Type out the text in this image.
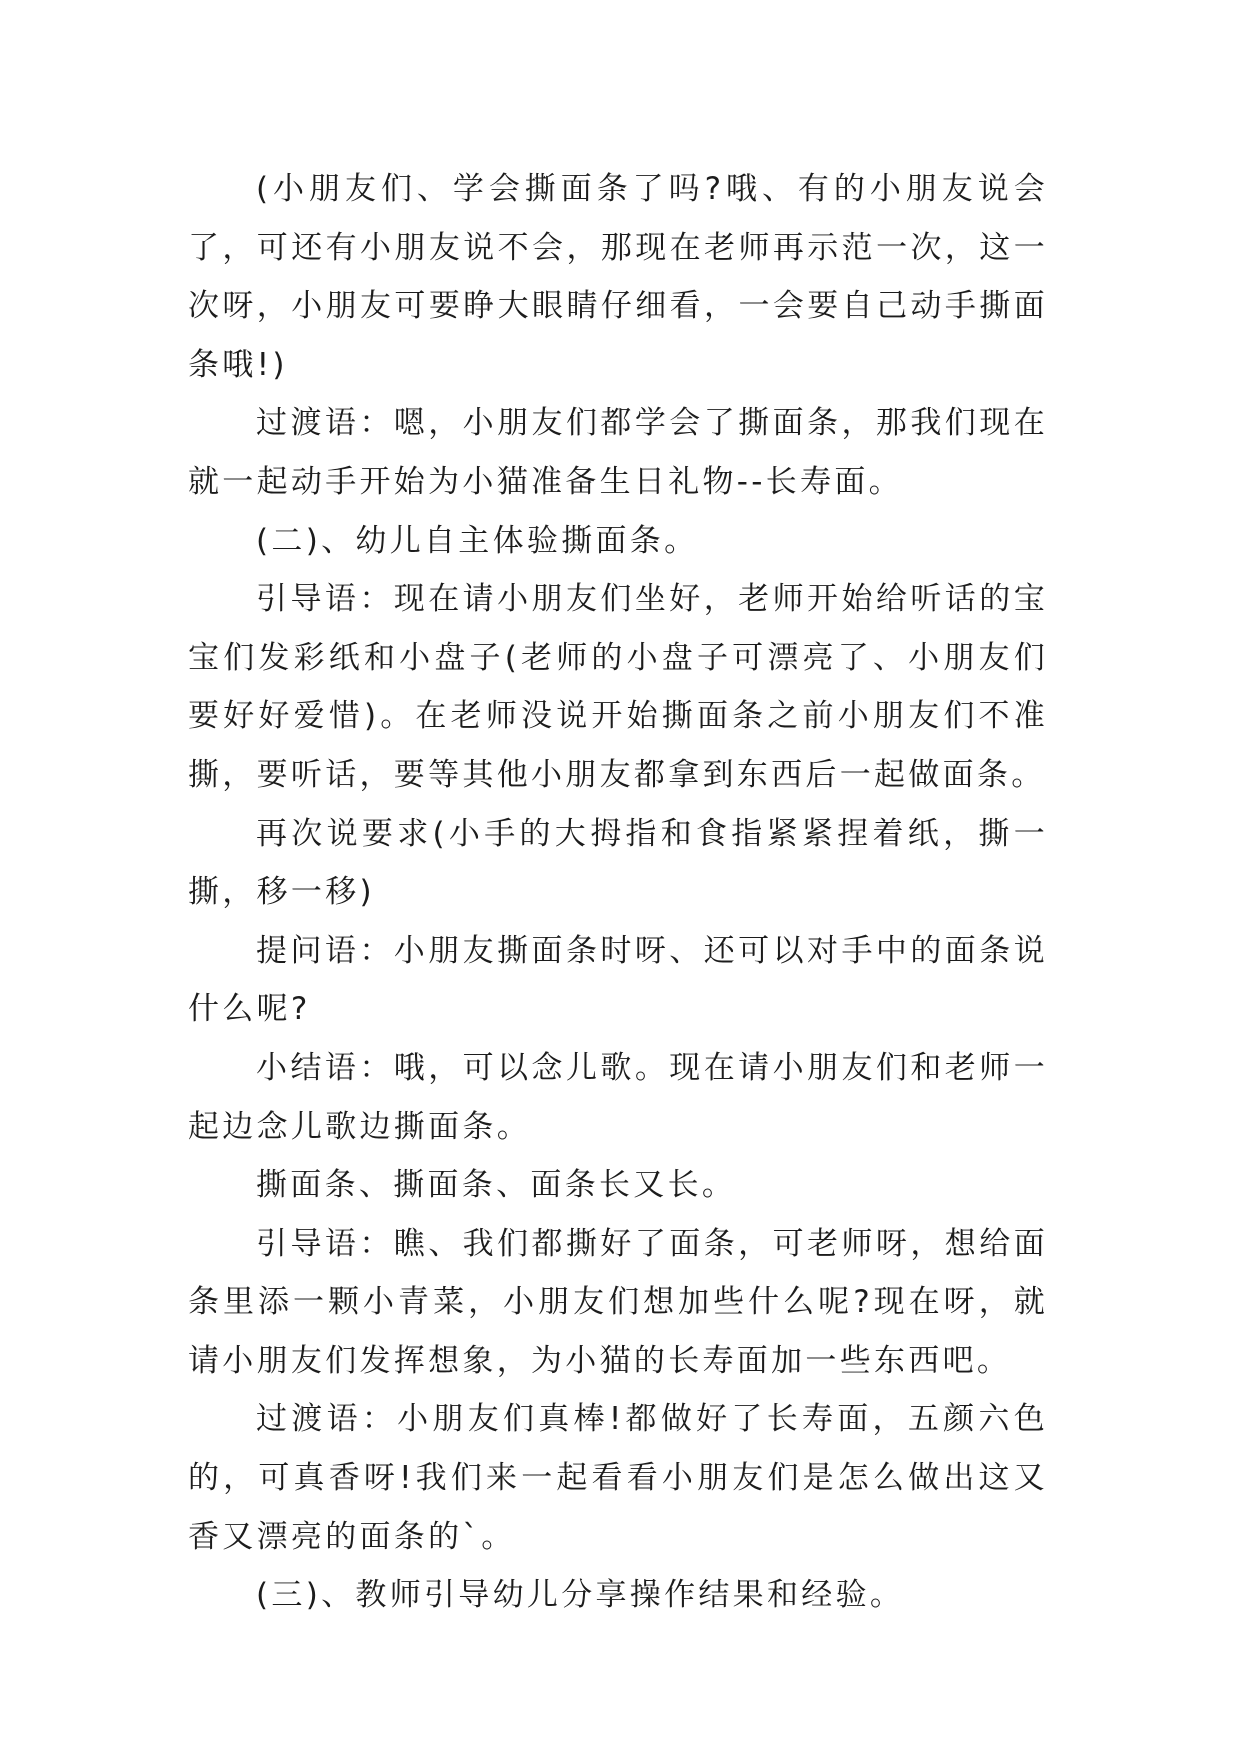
(小朋友们、学会撕面条了吗?哦、有的小朋友说会了，可还有小朋友说不会，那现在老师再示范一次，这一次呀，小朋友可要睁大眼睛仔细看，一会要自己动手撕面条哦!)

过渡语：嗯，小朋友们都学会了撕面条，那我们现在就一起动手开始为小猫准备生日礼物--长寿面。

(二)、幼儿自主体验撕面条。

引导语：现在请小朋友们坐好，老师开始给听话的宝宝们发彩纸和小盘子(老师的小盘子可漂亮了、小朋友们要好好爱惜)。在老师没说开始撕面条之前小朋友们不准撕，要听话，要等其他小朋友都拿到东西后一起做面条。

再次说要求(小手的大拇指和食指紧紧捏着纸，撕一撕，移一移)

提问语：小朋友撕面条时呀、还可以对手中的面条说什么呢?

小结语：哦，可以念儿歌。现在请小朋友们和老师一起边念儿歌边撕面条。

撕面条、撕面条、面条长又长。

引导语：瞧、我们都撕好了面条，可老师呀，想给面条里添一颗小青菜，小朋友们想加些什么呢?现在呀，就请小朋友们发挥想象，为小猫的长寿面加一些东西吧。

过渡语：小朋友们真棒!都做好了长寿面，五颜六色的，可真香呀!我们来一起看看小朋友们是怎么做出这又香又漂亮的面条的`。

(三)、教师引导幼儿分享操作结果和经验。
